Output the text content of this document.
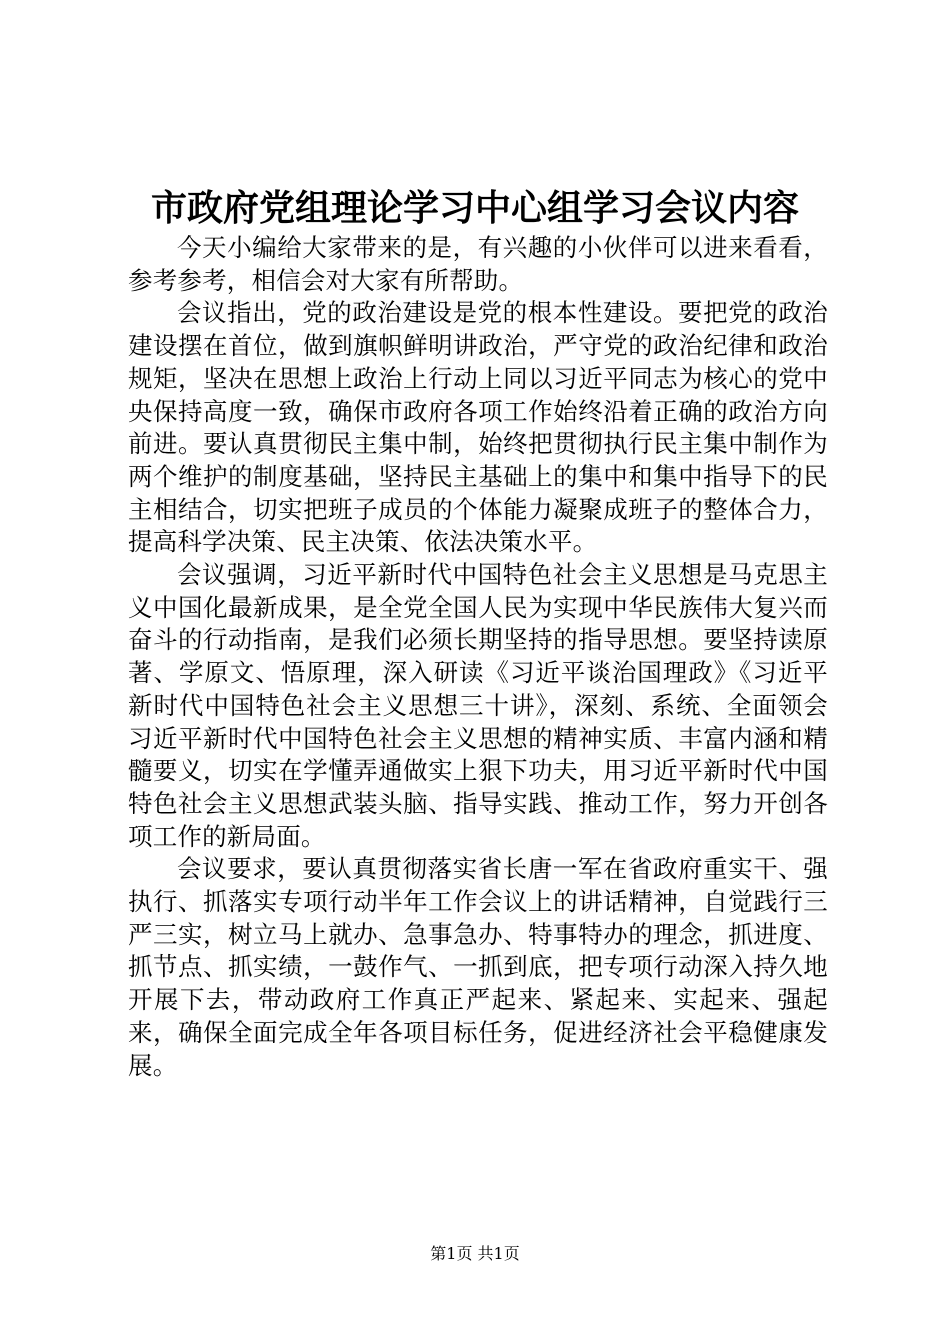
市政府党组理论学习中心组学习会议内容

今天小编给大家带来的是，有兴趣的小伙伴可以进来看看，参考参考，相信会对大家有所帮助。

会议指出，党的政治建设是党的根本性建设。要把党的政治建设摆在首位，做到旗帜鲜明讲政治，严守党的政治纪律和政治规矩，坚决在思想上政治上行动上同以习近平同志为核心的党中央保持高度一致，确保市政府各项工作始终沿着正确的政治方向前进。要认真贯彻民主集中制，始终把贯彻执行民主集中制作为两个维护的制度基础，坚持民主基础上的集中和集中指导下的民主相结合，切实把班子成员的个体能力凝聚成班子的整体合力，提高科学决策、民主决策、依法决策水平。

会议强调，习近平新时代中国特色社会主义思想是马克思主义中国化最新成果，是全党全国人民为实现中华民族伟大复兴而奋斗的行动指南，是我们必须长期坚持的指导思想。要坚持读原著、学原文、悟原理，深入研读《习近平谈治国理政》《习近平新时代中国特色社会主义思想三十讲》，深刻、系统、全面领会习近平新时代中国特色社会主义思想的精神实质、丰富内涵和精髓要义，切实在学懂弄通做实上狠下功夫，用习近平新时代中国特色社会主义思想武装头脑、指导实践、推动工作，努力开创各项工作的新局面。

会议要求，要认真贯彻落实省长唐一军在省政府重实干、强执行、抓落实专项行动半年工作会议上的讲话精神，自觉践行三严三实，树立马上就办、急事急办、特事特办的理念，抓进度、抓节点、抓实绩，一鼓作气、一抓到底，把专项行动深入持久地开展下去，带动政府工作真正严起来、紧起来、实起来、强起来，确保全面完成全年各项目标任务，促进经济社会平稳健康发展。

第1页 共1页
